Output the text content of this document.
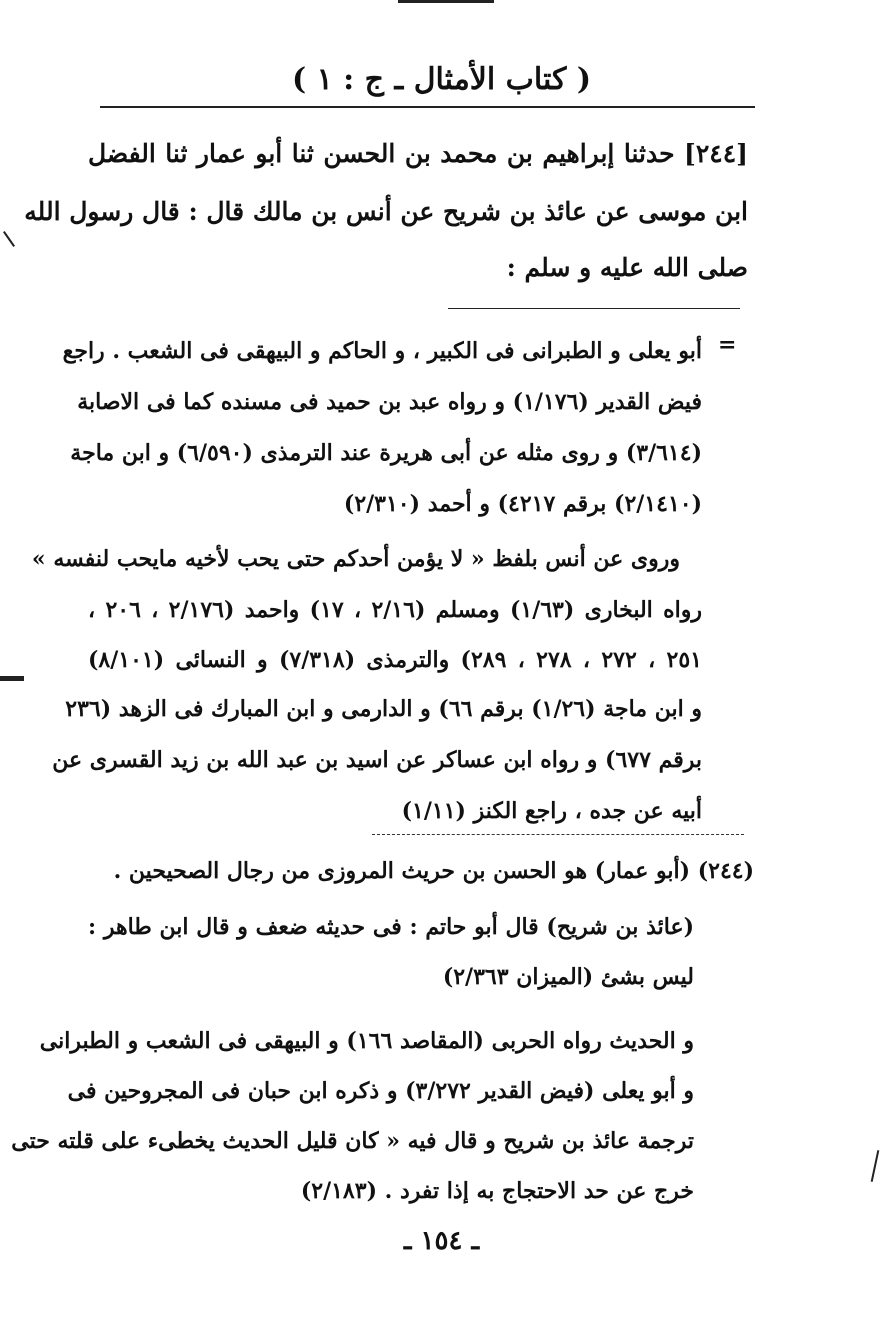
( كتاب الأمثال ـ ج : ١ )
[٢٤٤] حدثنا إبراهيم بن محمد بن الحسن ثنا أبو عمار ثنا الفضل
ابن موسى عن عائذ بن شريح عن أنس بن مالك قال : قال رسول الله
صلى الله عليه و سلم :
=
أبو يعلى و الطبرانى فى الكبير ، و الحاكم و البيهقى فى الشعب . راجع
فيض القدير (١/١٧٦) و رواه عبد بن حميد فى مسنده كما فى الاصابة
(٣/٦١٤) و روى مثله عن أبى هريرة عند الترمذى (٦/٥٩٠) و ابن ماجة
(٢/١٤١٠) برقم ٤٢١٧) و أحمد (٢/٣١٠)
وروى عن أنس بلفظ « لا يؤمن أحدكم حتى يحب لأخيه مايحب لنفسه »
رواه البخارى (١/٦٣) ومسلم (٢/١٦ ، ١٧) واحمد (٢/١٧٦ ، ٢٠٦ ،
٢٥١ ، ٢٧٢ ، ٢٧٨ ، ٢٨٩) والترمذى (٧/٣١٨) و النسائى (٨/١٠١)
و ابن ماجة (١/٢٦) برقم ٦٦) و الدارمى و ابن المبارك فى الزهد (٢٣٦
برقم ٦٧٧) و رواه ابن عساكر عن اسيد بن عبد الله بن زيد القسرى عن
أبيه عن جده ، راجع الكنز (١/١١)
(٢٤٤) (أبو عمار) هو الحسن بن حريث المروزى من رجال الصحيحين .
(عائذ بن شريح) قال أبو حاتم : فى حديثه ضعف و قال ابن طاهر :
ليس بشئ (الميزان ٢/٣٦٣)
و الحديث رواه الحربى (المقاصد ١٦٦) و البيهقى فى الشعب و الطبرانى
و أبو يعلى (فيض القدير ٣/٢٧٢) و ذكره ابن حبان فى المجروحين فى
ترجمة عائذ بن شريح و قال فيه « كان قليل الحديث يخطىء على قلته حتى
خرج عن حد الاحتجاج به إذا تفرد . (٢/١٨٣)
ـ ١٥٤ ـ
